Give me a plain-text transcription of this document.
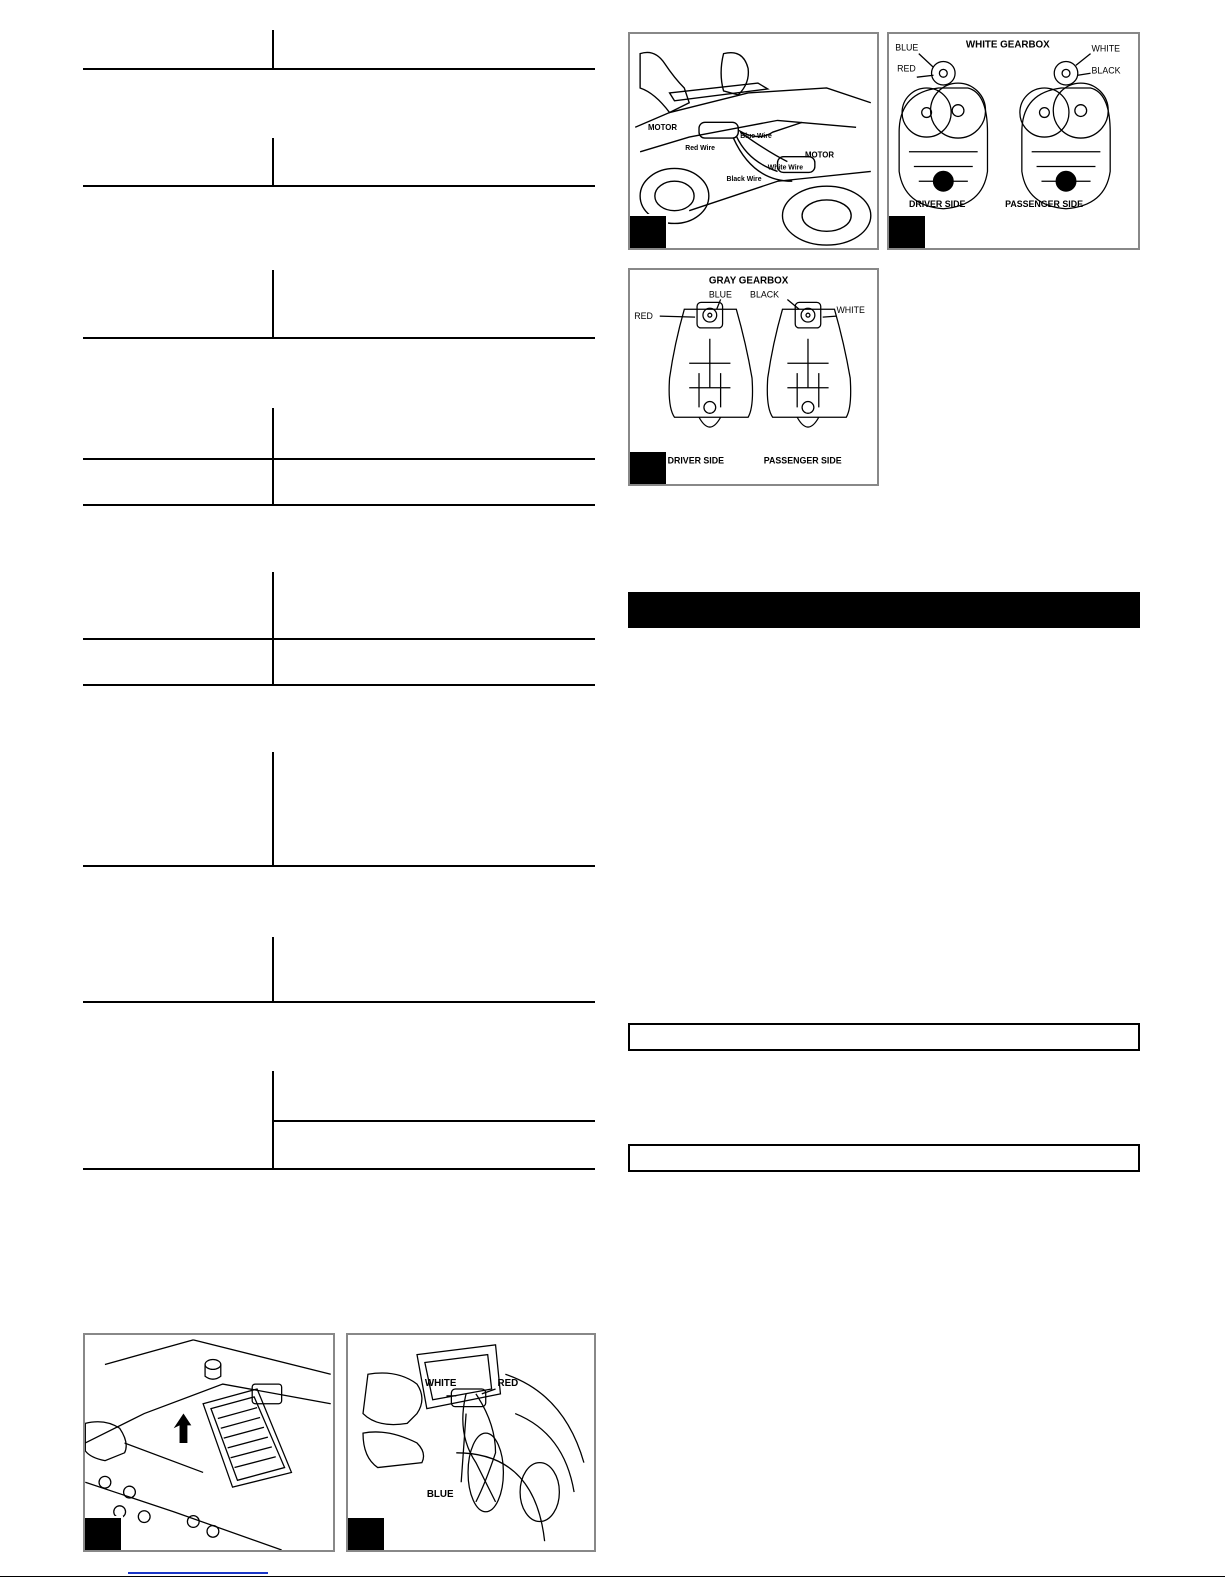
MOTOR
Blue Wire
Red Wire
MOTOR
White Wire
Black Wire
WHITE GEARBOX
BLUE
RED
WHITE
BLACK
DRIVER SIDE	PASSENGER SIDE
GRAY GEARBOX
RED
BLUE BLACK
WHITE
DRIVER SIDE	PASSENGER SIDE
WHITE	RED
BLUE
